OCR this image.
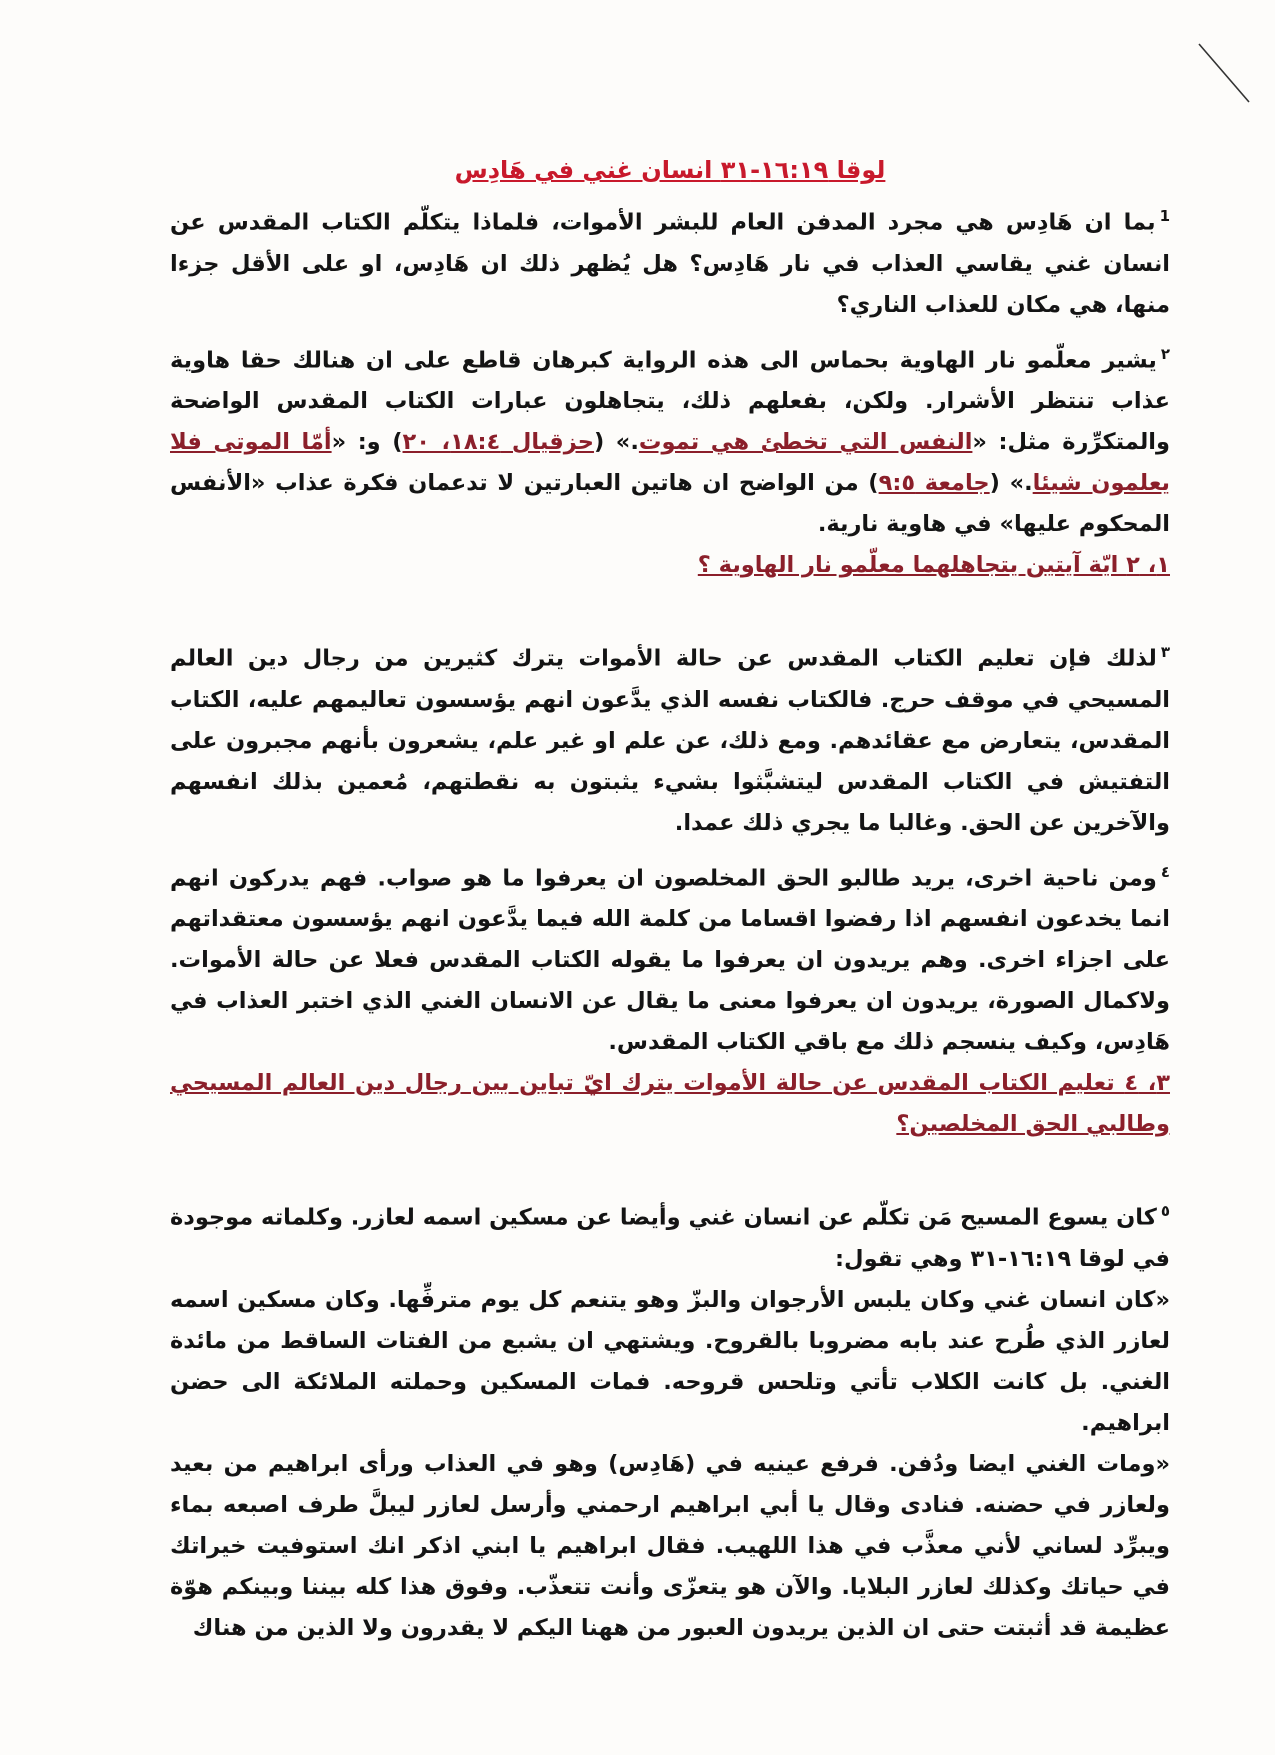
لوقا ١٦:١٩-٣١ انسان غني في هَادِس

$^1$بما ان هَادِس هي مجرد المدفن العام للبشر الأموات، فلماذا يتكلّم الكتاب المقدس عن انسان غني يقاسي العذاب في نار هَادِس؟ هل يُظهر ذلك ان هَادِس، او على الأقل جزءا منها، هي مكان للعذاب الناري؟

$^٢$يشير معلّمو نار الهاوية بحماس الى هذه الرواية كبرهان قاطع على ان هنالك حقا هاوية عذاب تنتظر الأشرار. ولكن، بفعلهم ذلك، يتجاهلون عبارات الكتاب المقدس الواضحة والمتكرِّرة مثل: «النفس التي تخطئ هي تموت.» (حزقيال ١٨:٤، ٢٠) و: «أمّا الموتى فلا يعلمون شيئا.» (جامعة ٩:٥) من الواضح ان هاتين العبارتين لا تدعمان فكرة عذاب «الأنفس المحكوم عليها» في هاوية نارية.

١، ٢ ايّة آيتين يتجاهلهما معلّمو نار الهاوية ؟

$^٣$لذلك فإن تعليم الكتاب المقدس عن حالة الأموات يترك كثيرين من رجال دين العالم المسيحي في موقف حرج. فالكتاب نفسه الذي يدَّعون انهم يؤسسون تعاليمهم عليه، الكتاب المقدس، يتعارض مع عقائدهم. ومع ذلك، عن علم او غير علم، يشعرون بأنهم مجبرون على التفتيش في الكتاب المقدس ليتشبَّثوا بشيء يثبتون به نقطتهم، مُعمين بذلك انفسهم والآخرين عن الحق. وغالبا ما يجري ذلك عمدا.

$^٤$ومن ناحية اخرى، يريد طالبو الحق المخلصون ان يعرفوا ما هو صواب. فهم يدركون انهم انما يخدعون انفسهم اذا رفضوا اقساما من كلمة الله فيما يدَّعون انهم يؤسسون معتقداتهم على اجزاء اخرى. وهم يريدون ان يعرفوا ما يقوله الكتاب المقدس فعلا عن حالة الأموات. ولاكمال الصورة، يريدون ان يعرفوا معنى ما يقال عن الانسان الغني الذي اختبر العذاب في هَادِس، وكيف ينسجم ذلك مع باقي الكتاب المقدس.

٣، ٤ تعليم الكتاب المقدس عن حالة الأموات يترك ايّ تباين بين رجال دين العالم المسيحي وطالبي الحق المخلصين؟

$^٥$كان يسوع المسيح مَن تكلّم عن انسان غني وأيضا عن مسكين اسمه لعازر. وكلماته موجودة في لوقا ١٦:١٩-٣١ وهي تقول:

«كان انسان غني وكان يلبس الأرجوان والبزّ وهو يتنعم كل يوم مترفِّها. وكان مسكين اسمه لعازر الذي طُرح عند بابه مضروبا بالقروح. ويشتهي ان يشبع من الفتات الساقط من مائدة الغني. بل كانت الكلاب تأتي وتلحس قروحه. فمات المسكين وحملته الملائكة الى حضن ابراهيم.

«ومات الغني ايضا ودُفن. فرفع عينيه في (هَادِس) وهو في العذاب ورأى ابراهيم من بعيد ولعازر في حضنه. فنادى وقال يا أبي ابراهيم ارحمني وأرسل لعازر ليبلَّ طرف اصبعه بماء ويبرِّد لساني لأني معذَّب في هذا اللهيب. فقال ابراهيم يا ابني اذكر انك استوفيت خيراتك في حياتك وكذلك لعازر البلايا. والآن هو يتعزّى وأنت تتعذّب. وفوق هذا كله بيننا وبينكم هوّة عظيمة قد أثبتت حتى ان الذين يريدون العبور من ههنا اليكم لا يقدرون ولا الذين من هناك
